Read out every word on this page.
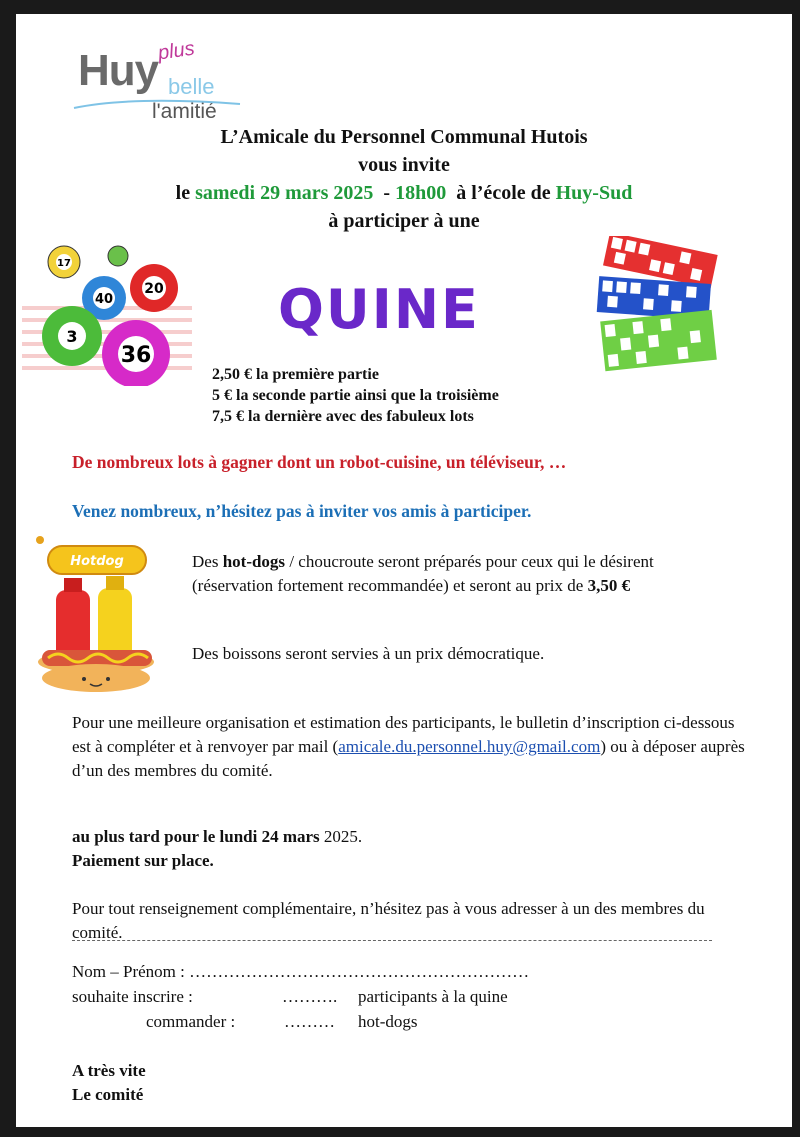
Huy
plus
belle
l'amitié
L’Amicale du Personnel Communal Hutois
vous invite
le samedi 29 mars 2025  - 18h00  à l’école de Huy-Sud
à participer à une
17
40
20
3
36
QUINE
2,50 € la première partie
5 € la seconde partie ainsi que la troisième
7,5 € la dernière avec des fabuleux lots
De nombreux lots à gagner dont un robot-cuisine, un téléviseur, …
Venez nombreux, n’hésitez pas à inviter vos amis à participer.
Hotdog	Des hot-dogs / choucroute seront préparés pour ceux qui le désirent (réservation fortement recommandée) et seront au prix de 3,50 €
Des boissons seront servies à un prix démocratique.
Pour une meilleure organisation et estimation des participants, le bulletin d’inscription ci-dessous est à compléter et à renvoyer par mail (amicale.du.personnel.huy@gmail.com) ou à déposer auprès d’un des membres du comité.
au plus tard pour le lundi 24 mars 2025.
Paiement sur place.
Pour tout renseignement complémentaire, n’hésitez pas à vous adresser à un des membres du comité.
Nom – Prénom : ……………………………………………………
souhaite inscrire :	………. participants à la quine
commander :	……… hot-dogs
A très vite
Le comité
